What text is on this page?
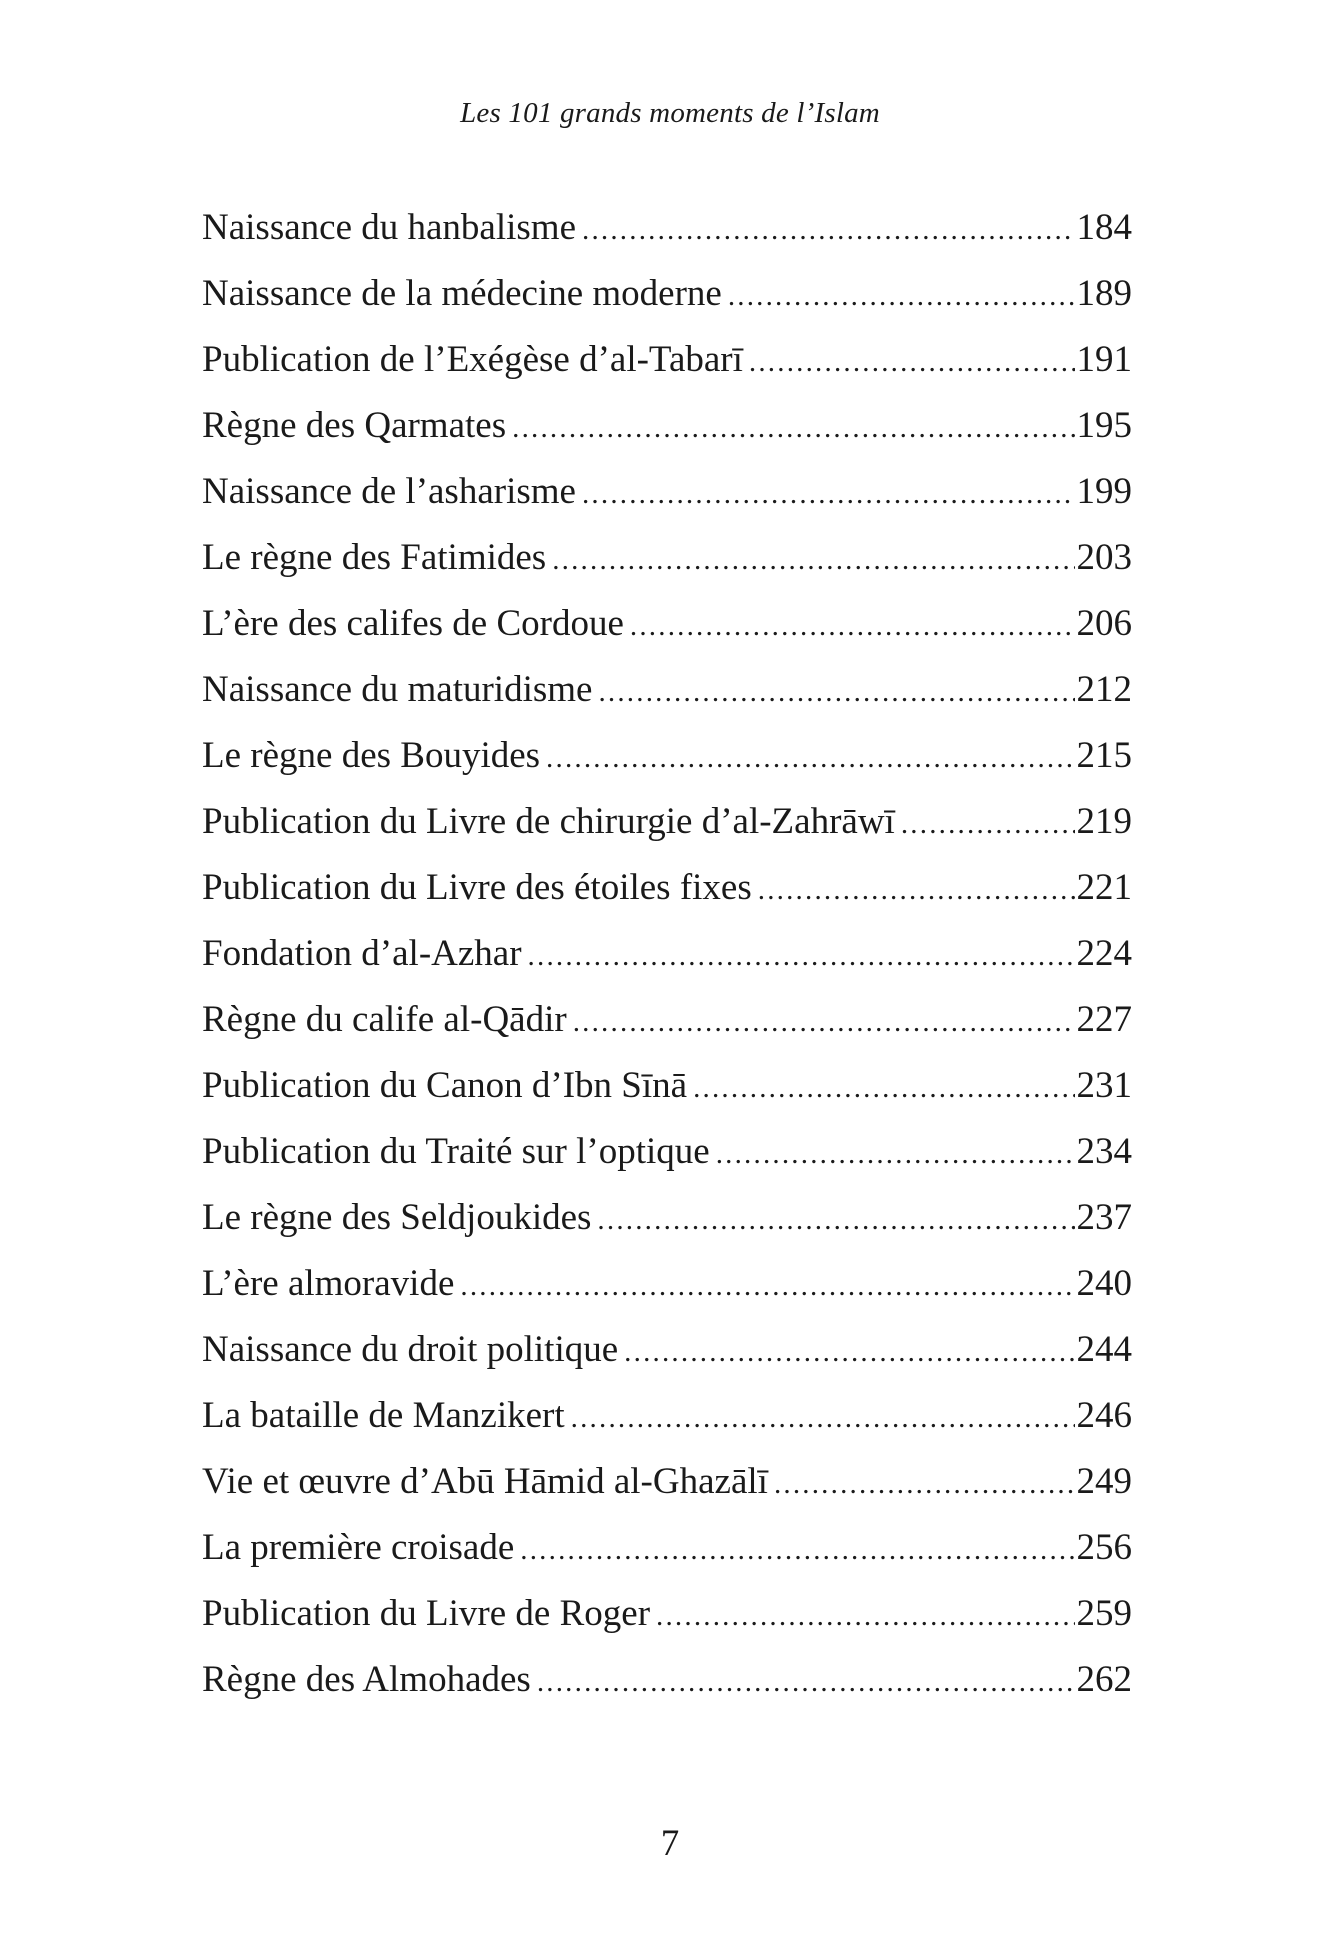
Les 101 grands moments de l’Islam
Naissance du hanbalisme .....	184
Naissance de la médecine moderne .....	189
Publication de l’Exégèse d’al-Tabarī .....	191
Règne des Qarmates .....	195
Naissance de l’asharisme .....	199
Le règne des Fatimides .....	203
L’ère des califes de Cordoue .....	206
Naissance du maturidisme .....	212
Le règne des Bouyides .....	215
Publication du Livre de chirurgie d’al-Zahrāwī .....	219
Publication du Livre des étoiles fixes .....	221
Fondation d’al-Azhar .....	224
Règne du calife al-Qādir .....	227
Publication du Canon d’Ibn Sīnā .....	231
Publication du Traité sur l’optique .....	234
Le règne des Seldjoukides .....	237
L’ère almoravide .....	240
Naissance du droit politique .....	244
La bataille de Manzikert .....	246
Vie et œuvre d’Abū Hāmid al-Ghazālī .....	249
La première croisade .....	256
Publication du Livre de Roger .....	259
Règne des Almohades .....	262
7
